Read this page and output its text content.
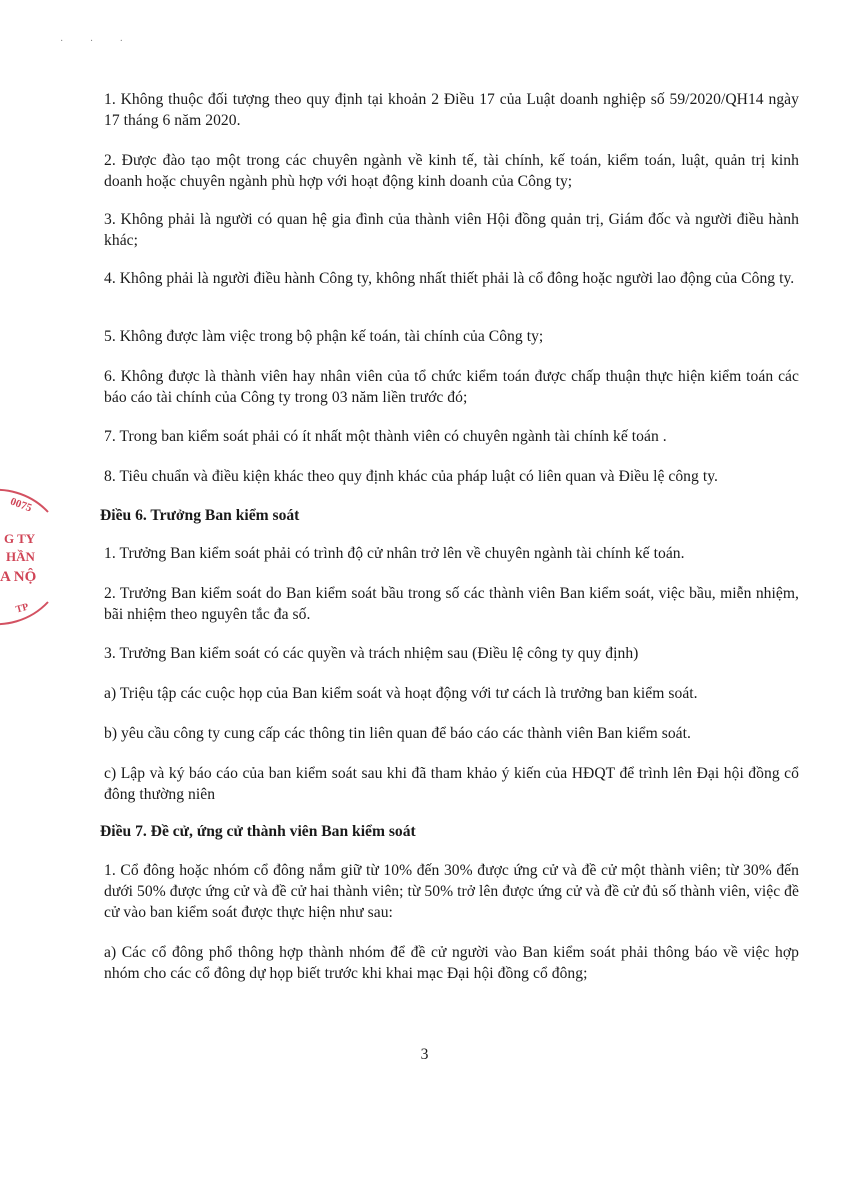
· · ·

1. Không thuộc đối tượng theo quy định tại khoản 2 Điều 17 của Luật doanh nghiệp số 59/2020/QH14 ngày 17 tháng 6 năm 2020.

2. Được đào tạo một trong các chuyên ngành về kinh tế, tài chính, kế toán, kiểm toán, luật, quản trị kinh doanh hoặc chuyên ngành phù hợp với hoạt động kinh doanh của Công ty;

3. Không phải là người có quan hệ gia đình của thành viên Hội đồng quản trị, Giám đốc và người điều hành khác;

4. Không phải là người điều hành Công ty, không nhất thiết phải là cổ đông hoặc người lao động của Công ty.

5. Không được làm việc trong bộ phận kế toán, tài chính của Công ty;

6. Không được là thành viên hay nhân viên của tổ chức kiểm toán được chấp thuận thực hiện kiểm toán các báo cáo tài chính của Công ty trong 03 năm liền trước đó;

7. Trong ban kiểm soát phải có ít nhất một thành viên có chuyên ngành tài chính kế toán .

8. Tiêu chuẩn và điều kiện khác theo quy định khác của pháp luật có liên quan và Điều lệ công ty.

Điều 6. Trưởng Ban kiểm soát

1. Trưởng Ban kiểm soát phải có trình độ cử nhân trở lên về chuyên ngành tài chính kế toán.

2. Trưởng Ban kiểm soát do Ban kiểm soát bầu trong số các thành viên Ban kiểm soát, việc bầu, miễn nhiệm, bãi nhiệm theo nguyên tắc đa số.

3. Trưởng Ban kiểm soát có các quyền và trách nhiệm sau (Điều lệ công ty quy định)

a) Triệu tập các cuộc họp của Ban kiểm soát và hoạt động với tư cách là trưởng ban kiểm soát.

b) yêu cầu công ty cung cấp các thông tin liên quan để báo cáo các thành viên Ban kiểm soát.

c) Lập và ký báo cáo của ban kiểm soát sau khi đã tham khảo ý kiến của HĐQT để trình lên Đại hội đồng cổ đông thường niên

Điều 7. Đề cử, ứng cử thành viên Ban kiểm soát

1. Cổ đông hoặc nhóm cổ đông nắm giữ từ 10% đến 30% được ứng cử và đề cử một thành viên; từ 30% đến dưới 50% được ứng cử và đề cử hai thành viên; từ 50% trở lên được ứng cử và đề cử đủ số thành viên, việc đề cử vào ban kiểm soát được thực hiện như sau:

a) Các cổ đông phổ thông hợp thành nhóm để đề cử người vào Ban kiểm soát phải thông báo về việc hợp nhóm cho các cổ đông dự họp biết trước khi khai mạc Đại hội đồng cổ đông;

3
0075
G TY
HẦN
A NỘ
TP
